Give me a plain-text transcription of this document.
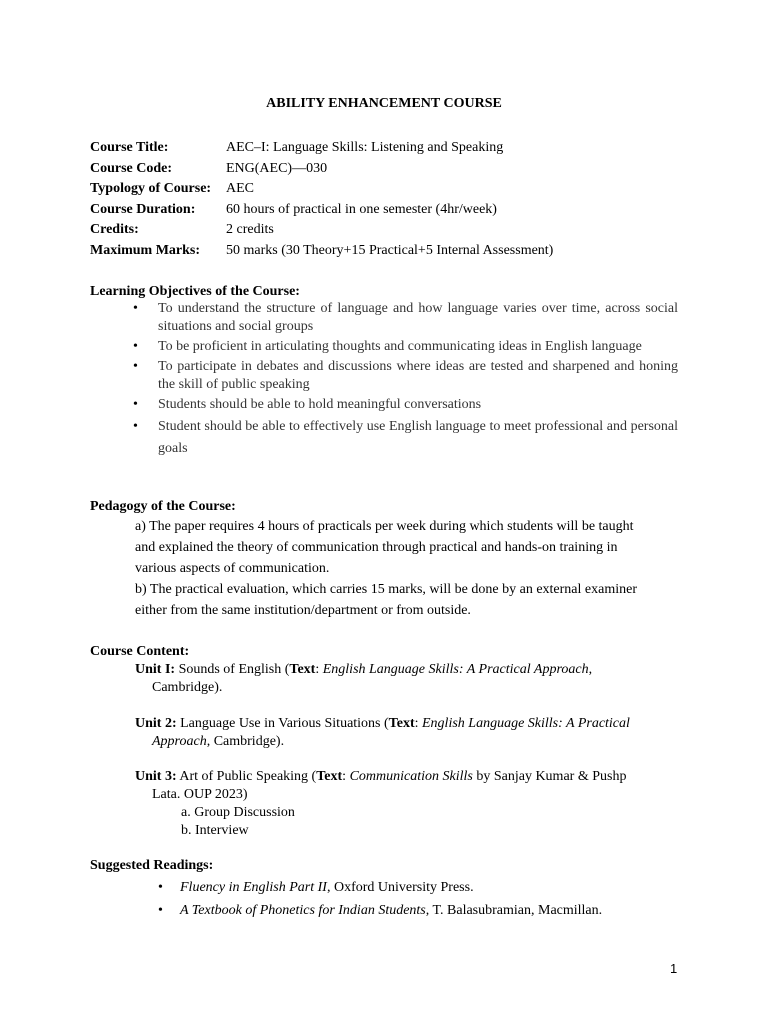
ABILITY ENHANCEMENT COURSE
Course Title:	AEC–I: Language Skills: Listening and Speaking
Course Code:	ENG(AEC)—030
Typology of Course:	AEC
Course Duration:	60 hours of practical in one semester (4hr/week)
Credits:	2 credits
Maximum Marks:	50 marks (30 Theory+15 Practical+5 Internal Assessment)
Learning Objectives of the Course:
• To understand the structure of language and how language varies over time, across social situations and social groups
• To be proficient in articulating thoughts and communicating ideas in English language
• To participate in debates and discussions where ideas are tested and sharpened and honing the skill of public speaking
• Students should be able to hold meaningful conversations
• Student should be able to effectively use English language to meet professional and personal goals
Pedagogy of the Course:
a) The paper requires 4 hours of practicals per week during which students will be taught
and explained the theory of communication through practical and hands-on training in
various aspects of communication.
b) The practical evaluation, which carries 15 marks, will be done by an external examiner
either from the same institution/department or from outside.
Course Content:
Unit I: Sounds of English (Text: English Language Skills: A Practical Approach,
Cambridge).
Unit 2: Language Use in Various Situations (Text: English Language Skills: A Practical
Approach, Cambridge).
Unit 3: Art of Public Speaking (Text: Communication Skills by Sanjay Kumar & Pushp
Lata. OUP 2023)
a. Group Discussion
b. Interview
Suggested Readings:
• Fluency in English Part II, Oxford University Press.
• A Textbook of Phonetics for Indian Students, T. Balasubramian, Macmillan.
1
